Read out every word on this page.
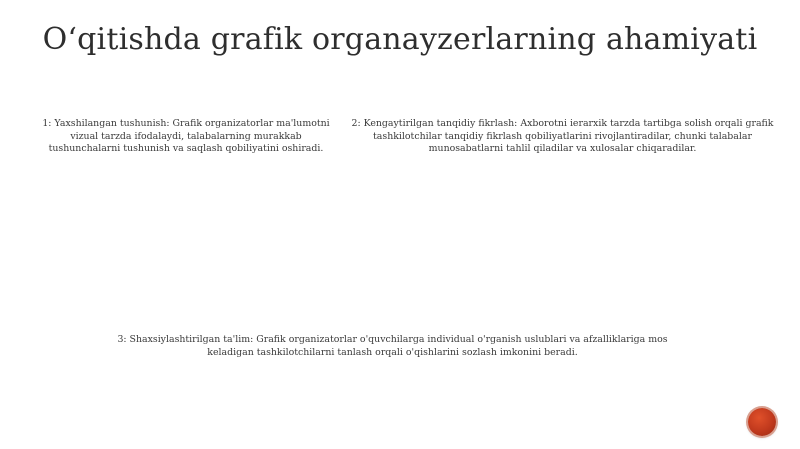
O‘qitishda grafik organayzerlarning ahamiyati
1: Yaxshilangan tushunish: Grafik organizatorlar ma'lumotni vizual tarzda ifodalaydi, talabalarning murakkab tushunchalarni tushunish va saqlash qobiliyatini oshiradi.
2: Kengaytirilgan tanqidiy fikrlash: Axborotni ierarxik tarzda tartibga solish orqali grafik tashkilotchilar tanqidiy fikrlash qobiliyatlarini rivojlantiradilar, chunki talabalar munosabatlarni tahlil qiladilar va xulosalar chiqaradilar.
3: Shaxsiylashtirilgan ta'lim: Grafik organizatorlar o'quvchilarga individual o'rganish uslublari va afzalliklariga mos keladigan tashkilotchilarni tanlash orqali o'qishlarini sozlash imkonini beradi.
